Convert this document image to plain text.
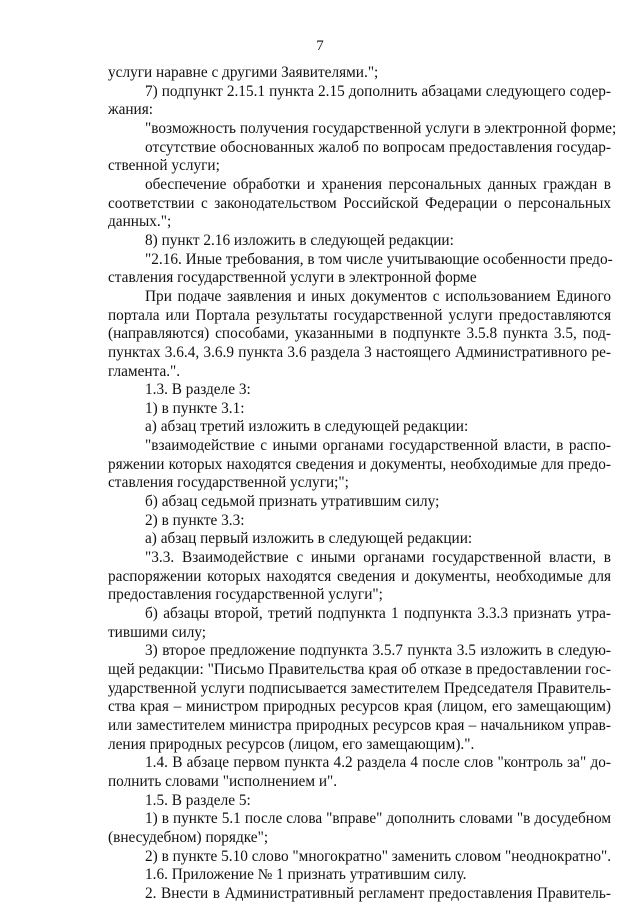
7
услуги наравне с другими Заявителями.";
7) подпункт 2.15.1 пункта 2.15 дополнить абзацами следующего содер-
жания:
"возможность получения государственной услуги в электронной форме;
отсутствие обоснованных жалоб по вопросам предоставления государ-
ственной услуги;
обеспечение обработки и хранения персональных данных граждан в
соответствии с законодательством Российской Федерации о персональных
данных.";
8) пункт 2.16 изложить в следующей редакции:
"2.16. Иные требования, в том числе учитывающие особенности предо-
ставления государственной услуги в электронной форме
При подаче заявления и иных документов с использованием Единого
портала или Портала результаты государственной услуги предоставляются
(направляются) способами, указанными в подпункте 3.5.8 пункта 3.5, под-
пунктах 3.6.4, 3.6.9 пункта 3.6 раздела 3 настоящего Административного ре-
гламента.".
1.3. В разделе 3:
1) в пункте 3.1:
а) абзац третий изложить в следующей редакции:
"взаимодействие с иными органами государственной власти, в распо-
ряжении которых находятся сведения и документы, необходимые для предо-
ставления государственной услуги;";
б) абзац седьмой признать утратившим силу;
2) в пункте 3.3:
а) абзац первый изложить в следующей редакции:
"3.3. Взаимодействие с иными органами государственной власти, в
распоряжении которых находятся сведения и документы, необходимые для
предоставления государственной услуги";
б) абзацы второй, третий подпункта 1 подпункта 3.3.3 признать утра-
тившими силу;
3) второе предложение подпункта 3.5.7 пункта 3.5 изложить в следую-
щей редакции: "Письмо Правительства края об отказе в предоставлении гос-
ударственной услуги подписывается заместителем Председателя Правитель-
ства края – министром природных ресурсов края (лицом, его замещающим)
или заместителем министра природных ресурсов края – начальником управ-
ления природных ресурсов (лицом, его замещающим).".
1.4. В абзаце первом пункта 4.2 раздела 4 после слов "контроль за" до-
полнить словами "исполнением и".
1.5. В разделе 5:
1) в пункте 5.1 после слова "вправе" дополнить словами "в досудебном
(внесудебном) порядке";
2) в пункте 5.10 слово "многократно" заменить словом "неоднократно".
1.6. Приложение № 1 признать утратившим силу.
2. Внести в Административный регламент предоставления Правитель-
